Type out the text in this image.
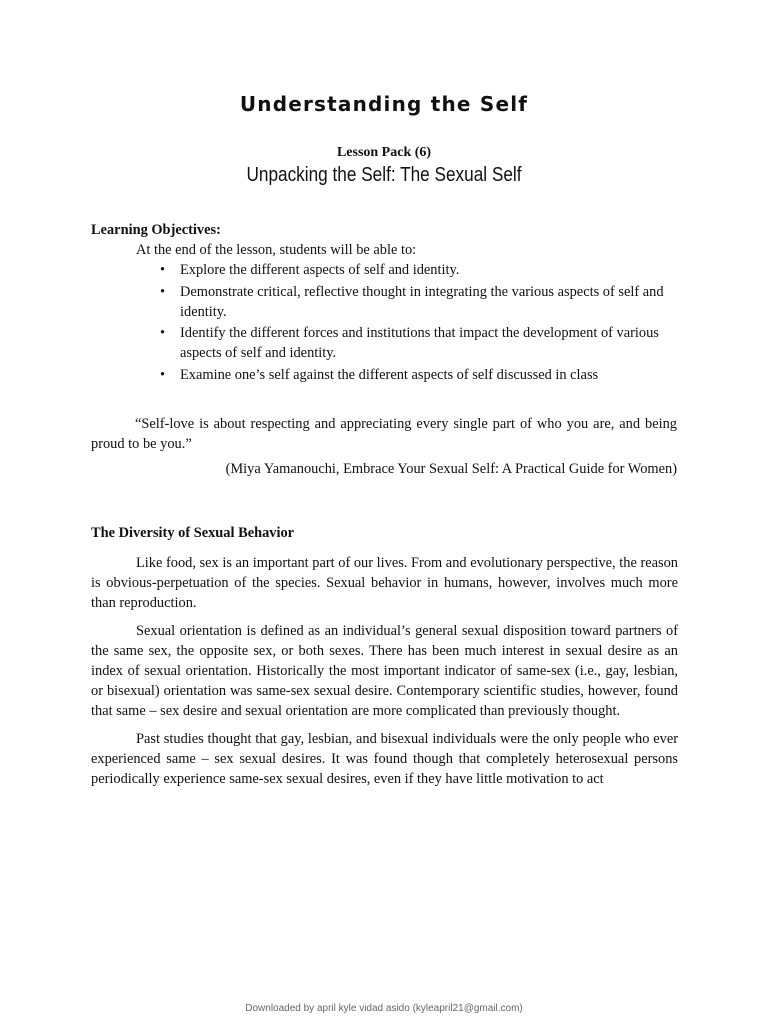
Understanding the Self
Lesson Pack (6)
Unpacking the Self: The Sexual Self
Learning Objectives:

At the end of the lesson, students will be able to:

• Explore the different aspects of self and identity.
• Demonstrate critical, reflective thought in integrating the various aspects of self and identity.
• Identify the different forces and institutions that impact the development of various aspects of self and identity.
• Examine one’s self against the different aspects of self discussed in class

“Self-love is about respecting and appreciating every single part of who you are, and being proud to be you.”

(Miya Yamanouchi, Embrace Your Sexual Self: A Practical Guide for Women)

The Diversity of Sexual Behavior

Like food, sex is an important part of our lives. From and evolutionary perspective, the reason is obvious-perpetuation of the species. Sexual behavior in humans, however, involves much more than reproduction.

Sexual orientation is defined as an individual’s general sexual disposition toward partners of the same sex, the opposite sex, or both sexes. There has been much interest in sexual desire as an index of sexual orientation. Historically the most important indicator of same-sex (i.e., gay, lesbian, or bisexual) orientation was same-sex sexual desire. Contemporary scientific studies, however, found that same – sex desire and sexual orientation are more complicated than previously thought.

Past studies thought that gay, lesbian, and bisexual individuals were the only people who ever experienced same – sex sexual desires. It was found though that completely heterosexual persons periodically experience same-sex sexual desires, even if they have little motivation to act

Downloaded by april kyle vidad asido (kyleapril21@gmail.com)
